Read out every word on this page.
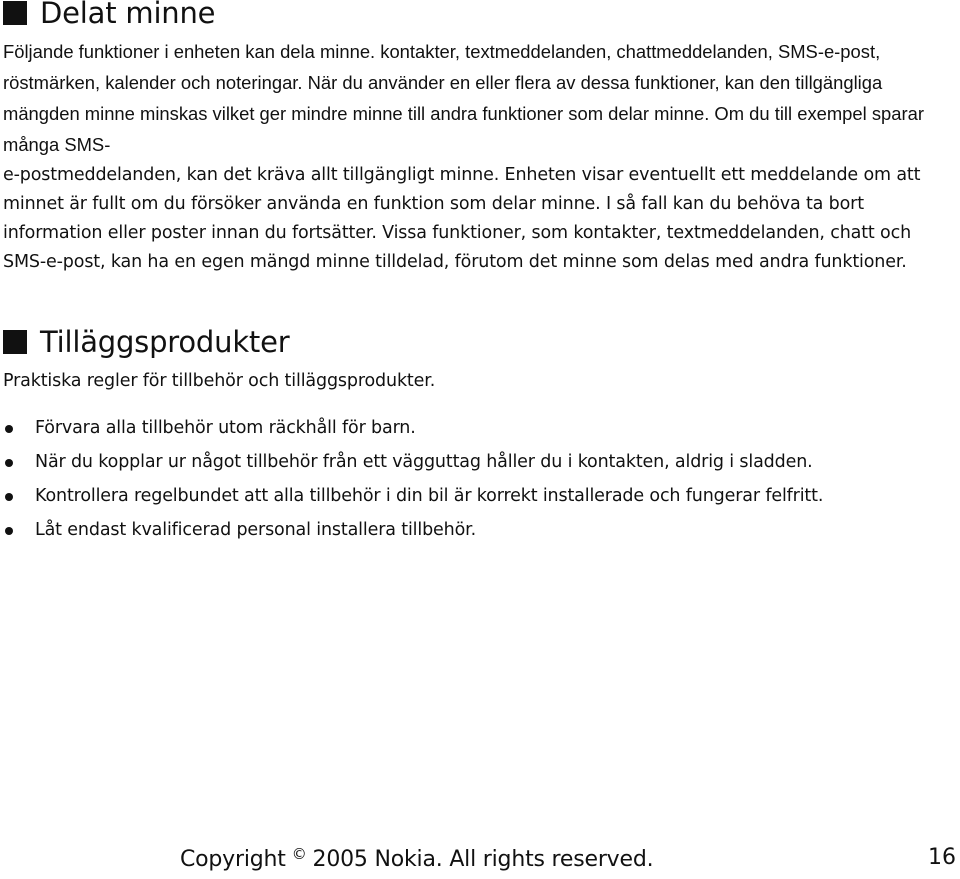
Delat minne

Följande funktioner i enheten kan dela minne. kontakter, textmeddelanden, chattmeddelanden, SMS-e-post, röstmärken, kalender och noteringar. När du använder en eller flera av dessa funktioner, kan den tillgängliga mängden minne minskas vilket ger mindre minne till andra funktioner som delar minne. Om du till exempel sparar många SMS-
e-postmeddelanden, kan det kräva allt tillgängligt minne. Enheten visar eventuellt ett meddelande om att minnet är fullt om du försöker använda en funktion som delar minne. I så fall kan du behöva ta bort information eller poster innan du fortsätter. Vissa funktioner, som kontakter, textmeddelanden, chatt och SMS-e-post, kan ha en egen mängd minne tilldelad, förutom det minne som delas med andra funktioner.

Tilläggsprodukter

Praktiska regler för tillbehör och tilläggsprodukter.

Förvara alla tillbehör utom räckhåll för barn.
När du kopplar ur något tillbehör från ett vägguttag håller du i kontakten, aldrig i sladden.
Kontrollera regelbundet att alla tillbehör i din bil är korrekt installerade och fungerar felfritt.
Låt endast kvalificerad personal installera tillbehör.
Copyright © 2005 Nokia. All rights reserved.	16
